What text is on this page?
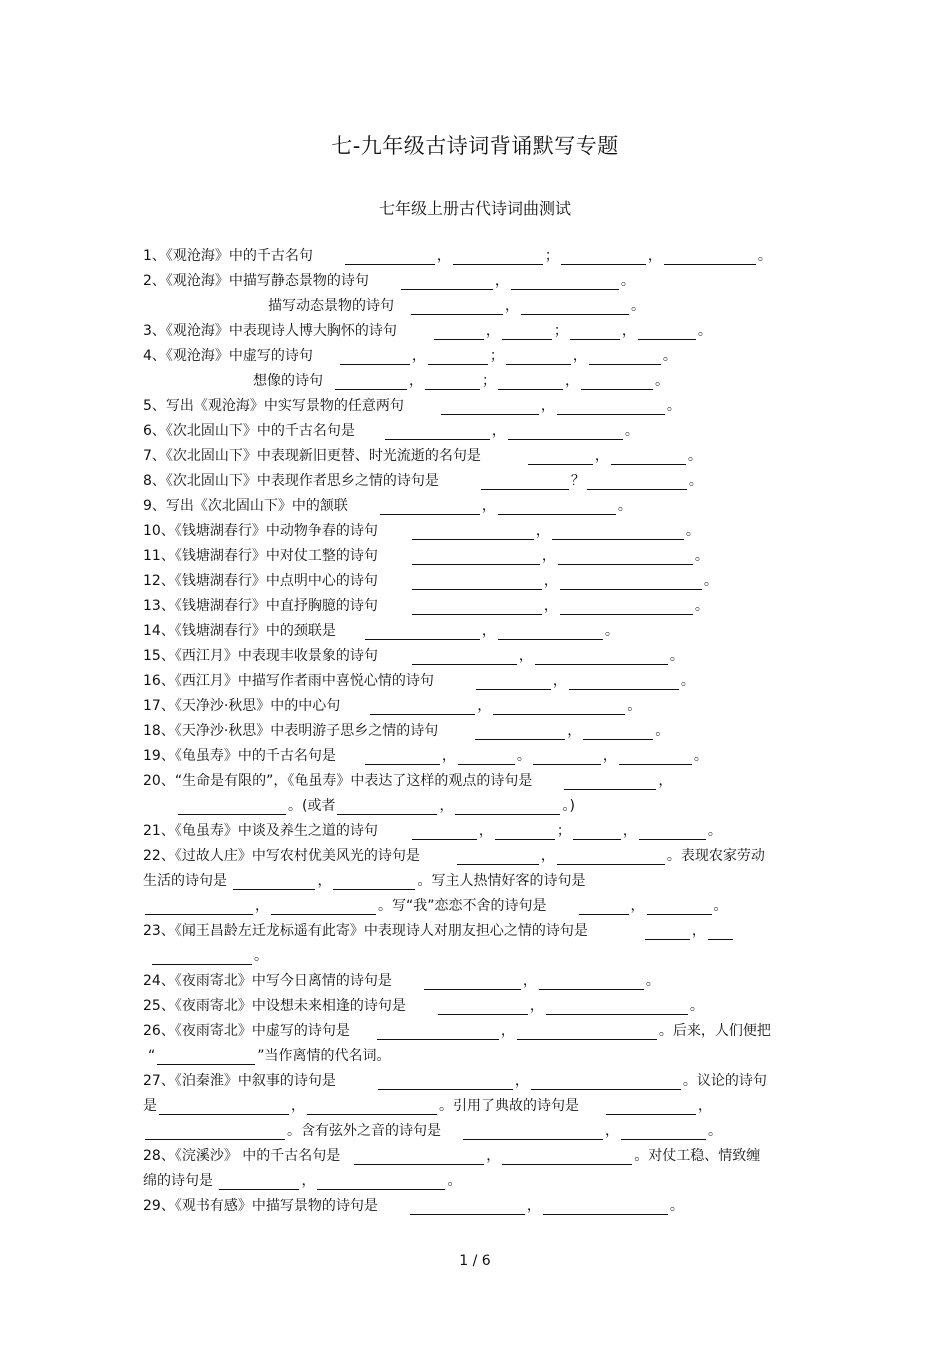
七-九年级古诗词背诵默写专题
七年级上册古代诗词曲测试
1、《观沧海》中的千古名句	，	；	，	。
2、《观沧海》中描写静态景物的诗句	，	。
描写动态景物的诗句	，	。
3、《观沧海》中表现诗人博大胸怀的诗句	，	；	，	。
4、《观沧海》中虚写的诗句	，	；	，	。
想像的诗句	，	；	，	。
5、写出《观沧海》中实写景物的任意两句	，	。
6、《次北固山下》中的千古名句是	，	。
7、《次北固山下》中表现新旧更替、时光流逝的名句是	，	。
8、《次北固山下》中表现作者思乡之情的诗句是	？	。
9、写出《次北固山下》中的颔联	，	。
10、《钱塘湖春行》中动物争春的诗句	，	。
11、《钱塘湖春行》中对仗工整的诗句	，	。
12、《钱塘湖春行》中点明中心的诗句	，	。
13、《钱塘湖春行》中直抒胸臆的诗句	，	。
14、《钱塘湖春行》中的颈联是	，	。
15、《西江月》中表现丰收景象的诗句	，	。
16、《西江月》中描写作者雨中喜悦心情的诗句	，	。
17、《天净沙·秋思》中的中心句	，	。
18、《天净沙·秋思》中表明游子思乡之情的诗句	，	。
19、《龟虽寿》中的千古名句是	，	。	，	。
20、“生命是有限的”，《龟虽寿》中表达了这样的观点的诗句是	，
。(或者	，	。)
21、《龟虽寿》中谈及养生之道的诗句	，	；	，	。
22、《过故人庄》中写农村优美风光的诗句是	，	。表现农家劳动
生活的诗句是	，	。写主人热情好客的诗句是
，	。写“我”恋恋不舍的诗句是	，	。
23、《闻王昌龄左迁龙标遥有此寄》中表现诗人对朋友担心之情的诗句是	，
。
24、《夜雨寄北》中写今日离情的诗句是	，	。
25、《夜雨寄北》中设想未来相逢的诗句是	，	。
26、《夜雨寄北》中虚写的诗句是	，	。后来，人们便把
“	”当作离情的代名词。
27、《泊秦淮》中叙事的诗句是	，	。议论的诗句
是	，	。引用了典故的诗句是	，
。含有弦外之音的诗句是	，	。
28、《浣溪沙》 中的千古名句是	，	。对仗工稳、情致缠
绵的诗句是	，	。
29、《观书有感》中描写景物的诗句是	，	。
1 / 6
